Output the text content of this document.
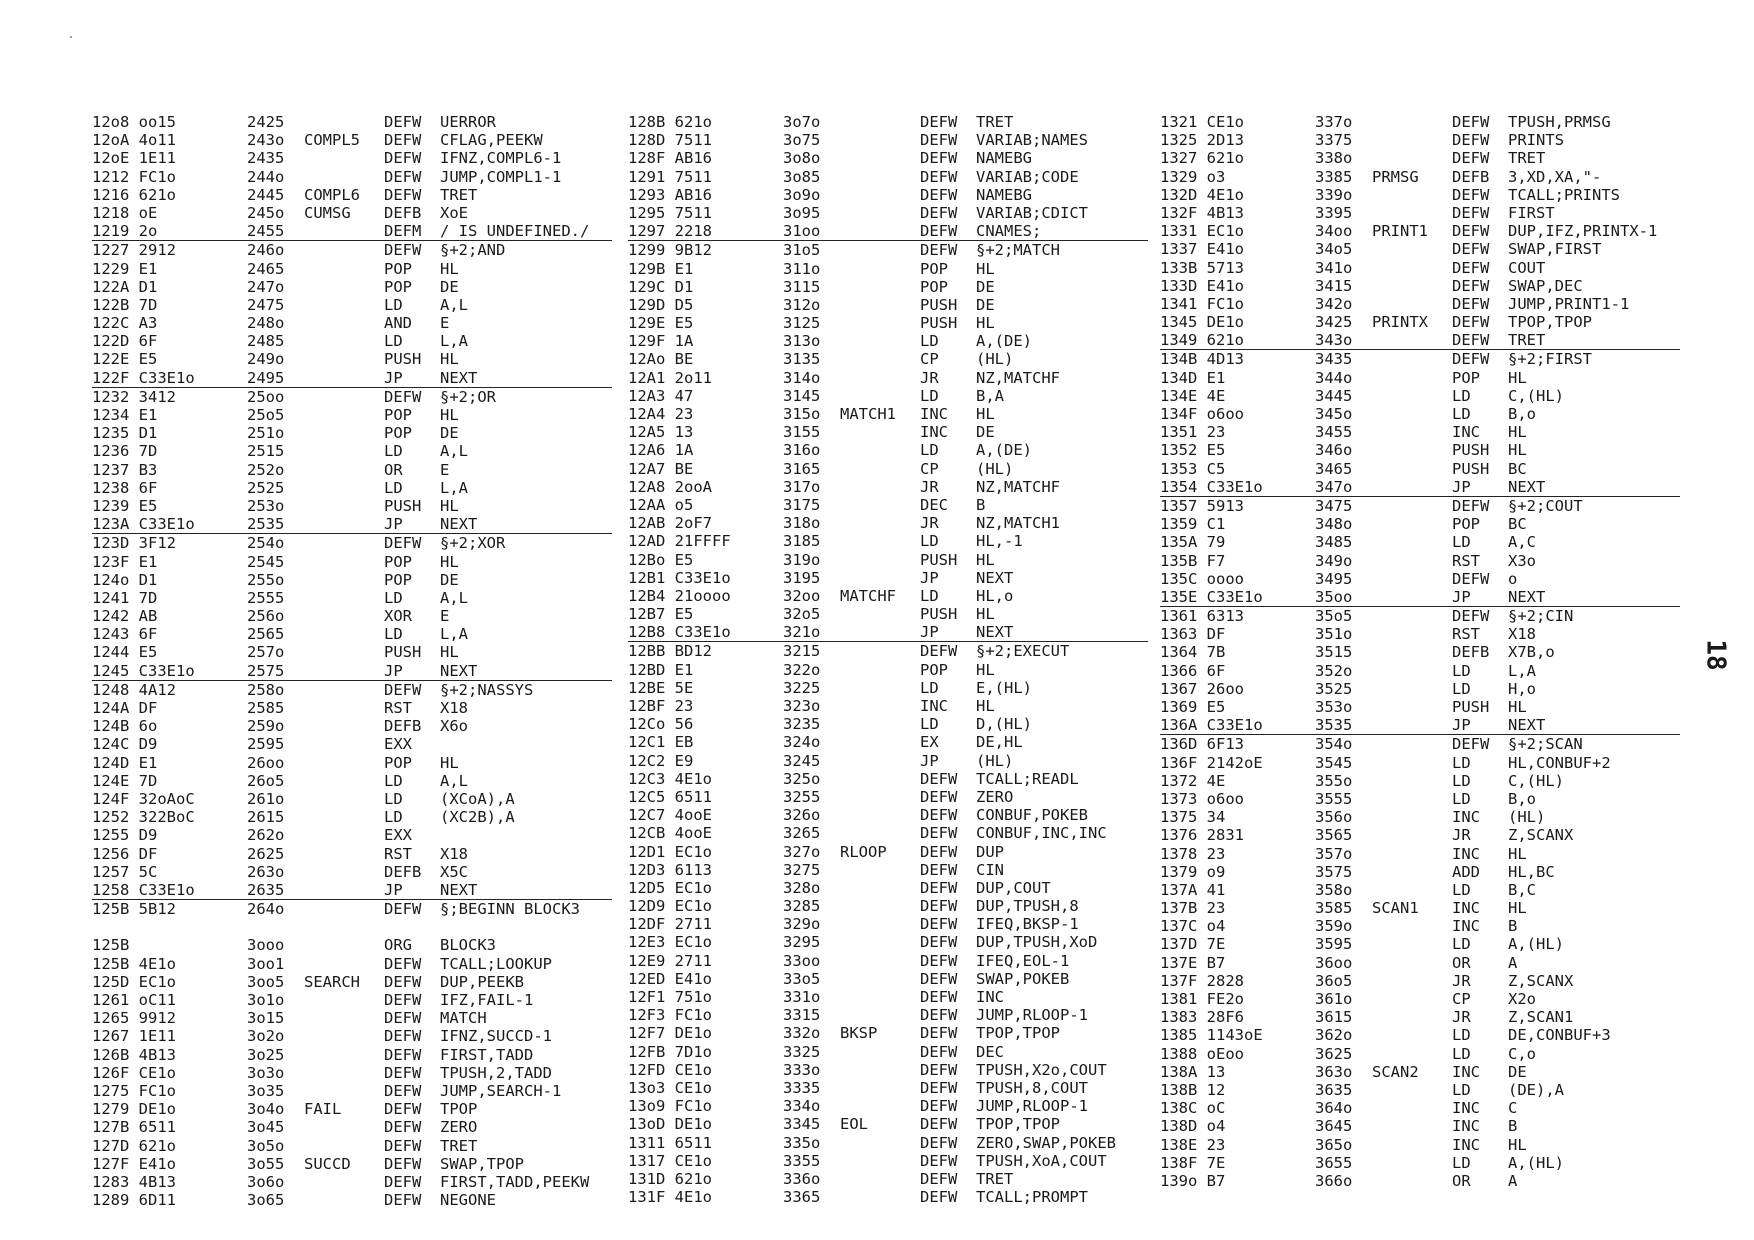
12o8 oo15	2425	DEFW UERROR
12oA 4o11	243o COMPL5 DEFW CFLAG,PEEKW
12oE 1E11	2435	DEFW IFNZ,COMPL6-1
1212 FC1o	244o	DEFW JUMP,COMPL1-1
1216 621o	2445 COMPL6 DEFW TRET
1218 oE	245o CUMSG DEFB XoE
1219 2o	2455	DEFM / IS UNDEFINED./
1227 2912	246o	DEFW §+2;AND
1229 E1	2465	POP HL
122A D1	247o	POP DE
122B 7D	2475	LD A,L
122C A3	248o	AND E
122D 6F	2485	LD L,A
122E E5	249o	PUSH HL
122F C33E1o	2495	JP NEXT
1232 3412	25oo	DEFW §+2;OR
1234 E1	25o5	POP HL
1235 D1	251o	POP DE
1236 7D	2515	LD A,L
1237 B3	252o	OR E
1238 6F	2525	LD L,A
1239 E5	253o	PUSH HL
123A C33E1o	2535	JP NEXT
123D 3F12	254o	DEFW §+2;XOR
123F E1	2545	POP HL
124o D1	255o	POP DE
1241 7D	2555	LD A,L
1242 AB	256o	XOR E
1243 6F	2565	LD L,A
1244 E5	257o	PUSH HL
1245 C33E1o	2575	JP NEXT
1248 4A12	258o	DEFW §+2;NASSYS
124A DF	2585	RST X18
124B 6o	259o	DEFB X6o
124C D9	2595	EXX
124D E1	26oo	POP HL
124E 7D	26o5	LD A,L
124F 32oAoC	261o	LD (XCoA),A
1252 322BoC	2615	LD (XC2B),A
1255 D9	262o	EXX
1256 DF	2625	RST X18
1257 5C	263o	DEFB X5C
1258 C33E1o	2635	JP NEXT
125B 5B12	264o	DEFW §;BEGINN BLOCK3
125B	3ooo	ORG BLOCK3
125B 4E1o	3oo1	DEFW TCALL;LOOKUP
125D EC1o	3oo5 SEARCH DEFW DUP,PEEKB
1261 oC11	3o1o	DEFW IFZ,FAIL-1
1265 9912	3o15	DEFW MATCH
1267 1E11	3o2o	DEFW IFNZ,SUCCD-1
126B 4B13	3o25	DEFW FIRST,TADD
126F CE1o	3o3o	DEFW TPUSH,2,TADD
1275 FC1o	3o35	DEFW JUMP,SEARCH-1
1279 DE1o	3o4o FAIL	DEFW TPOP
127B 6511	3o45	DEFW ZERO
127D 621o	3o5o	DEFW TRET
127F E41o	3o55 SUCCD DEFW SWAP,TPOP
1283 4B13	3o6o	DEFW FIRST,TADD,PEEKW
1289 6D11	3o65	DEFW NEGONE
128B 621o	3o7o	DEFW TRET
128D 7511	3o75	DEFW VARIAB;NAMES
128F AB16	3o8o	DEFW NAMEBG
1291 7511	3o85	DEFW VARIAB;CODE
1293 AB16	3o9o	DEFW NAMEBG
1295 7511	3o95	DEFW VARIAB;CDICT
1297 2218	31oo	DEFW CNAMES;
1299 9B12	31o5	DEFW §+2;MATCH
129B E1	311o	POP HL
129C D1	3115	POP DE
129D D5	312o	PUSH DE
129E E5	3125	PUSH HL
129F 1A	313o	LD A,(DE)
12Ao BE	3135	CP (HL)
12A1 2o11	314o	JR NZ,MATCHF
12A3 47	3145	LD B,A
12A4 23	315o MATCH1 INC HL
12A5 13	3155	INC DE
12A6 1A	316o	LD A,(DE)
12A7 BE	3165	CP (HL)
12A8 2ooA	317o	JR NZ,MATCHF
12AA o5	3175	DEC B
12AB 2oF7	318o	JR NZ,MATCH1
12AD 21FFFF	3185	LD HL,-1
12Bo E5	319o	PUSH HL
12B1 C33E1o	3195	JP NEXT
12B4 21oooo	32oo MATCHF LD HL,o
12B7 E5	32o5	PUSH HL
12B8 C33E1o	321o	JP NEXT
12BB BD12	3215	DEFW §+2;EXECUT
12BD E1	322o	POP HL
12BE 5E	3225	LD E,(HL)
12BF 23	323o	INC HL
12Co 56	3235	LD D,(HL)
12C1 EB	324o	EX DE,HL
12C2 E9	3245	JP (HL)
12C3 4E1o	325o	DEFW TCALL;READL
12C5 6511	3255	DEFW ZERO
12C7 4ooE	326o	DEFW CONBUF,POKEB
12CB 4ooE	3265	DEFW CONBUF,INC,INC
12D1 EC1o	327o RLOOP DEFW DUP
12D3 6113	3275	DEFW CIN
12D5 EC1o	328o	DEFW DUP,COUT
12D9 EC1o	3285	DEFW DUP,TPUSH,8
12DF 2711	329o	DEFW IFEQ,BKSP-1
12E3 EC1o	3295	DEFW DUP,TPUSH,XoD
12E9 2711	33oo	DEFW IFEQ,EOL-1
12ED E41o	33o5	DEFW SWAP,POKEB
12F1 751o	331o	DEFW INC
12F3 FC1o	3315	DEFW JUMP,RLOOP-1
12F7 DE1o	332o BKSP	DEFW TPOP,TPOP
12FB 7D1o	3325	DEFW DEC
12FD CE1o	333o	DEFW TPUSH,X2o,COUT
13o3 CE1o	3335	DEFW TPUSH,8,COUT
13o9 FC1o	334o	DEFW JUMP,RLOOP-1
13oD DE1o	3345 EOL	DEFW TPOP,TPOP
1311 6511	335o	DEFW ZERO,SWAP,POKEB
1317 CE1o	3355	DEFW TPUSH,XoA,COUT
131D 621o	336o	DEFW TRET
131F 4E1o	3365	DEFW TCALL;PROMPT
1321 CE1o	337o	DEFW TPUSH,PRMSG
1325 2D13	3375	DEFW PRINTS
1327 621o	338o	DEFW TRET
1329 o3	3385 PRMSG DEFB 3,XD,XA,"-
132D 4E1o	339o	DEFW TCALL;PRINTS
132F 4B13	3395	DEFW FIRST
1331 EC1o	34oo PRINT1 DEFW DUP,IFZ,PRINTX-1
1337 E41o	34o5	DEFW SWAP,FIRST
133B 5713	341o	DEFW COUT
133D E41o	3415	DEFW SWAP,DEC
1341 FC1o	342o	DEFW JUMP,PRINT1-1
1345 DE1o	3425 PRINTX DEFW TPOP,TPOP
1349 621o	343o	DEFW TRET
134B 4D13	3435	DEFW §+2;FIRST
134D E1	344o	POP HL
134E 4E	3445	LD C,(HL)
134F o6oo	345o	LD B,o
1351 23	3455	INC HL
1352 E5	346o	PUSH HL
1353 C5	3465	PUSH BC
1354 C33E1o	347o	JP NEXT
1357 5913	3475	DEFW §+2;COUT
1359 C1	348o	POP BC
135A 79	3485	LD A,C
135B F7	349o	RST X3o
135C oooo	3495	DEFW o
135E C33E1o	35oo	JP NEXT
1361 6313	35o5	DEFW §+2;CIN
1363 DF	351o	RST X18
1364 7B	3515	DEFB X7B,o
1366 6F	352o	LD L,A
1367 26oo	3525	LD H,o
1369 E5	353o	PUSH HL
136A C33E1o	3535	JP NEXT
136D 6F13	354o	DEFW §+2;SCAN
136F 2142oE	3545	LD HL,CONBUF+2
1372 4E	355o	LD C,(HL)
1373 o6oo	3555	LD B,o
1375 34	356o	INC (HL)
1376 2831	3565	JR Z,SCANX
1378 23	357o	INC HL
1379 o9	3575	ADD HL,BC
137A 41	358o	LD B,C
137B 23	3585 SCAN1 INC HL
137C o4	359o	INC B
137D 7E	3595	LD A,(HL)
137E B7	36oo	OR A
137F 2828	36o5	JR Z,SCANX
1381 FE2o	361o	CP X2o
1383 28F6	3615	JR Z,SCAN1
1385 1143oE	362o	LD DE,CONBUF+3
1388 oEoo	3625	LD C,o
138A 13	363o SCAN2 INC DE
138B 12	3635	LD (DE),A
138C oC	364o	INC C
138D o4	3645	INC B
138E 23	365o	INC HL
138F 7E	3655	LD A,(HL)
139o B7	366o	OR A
18
